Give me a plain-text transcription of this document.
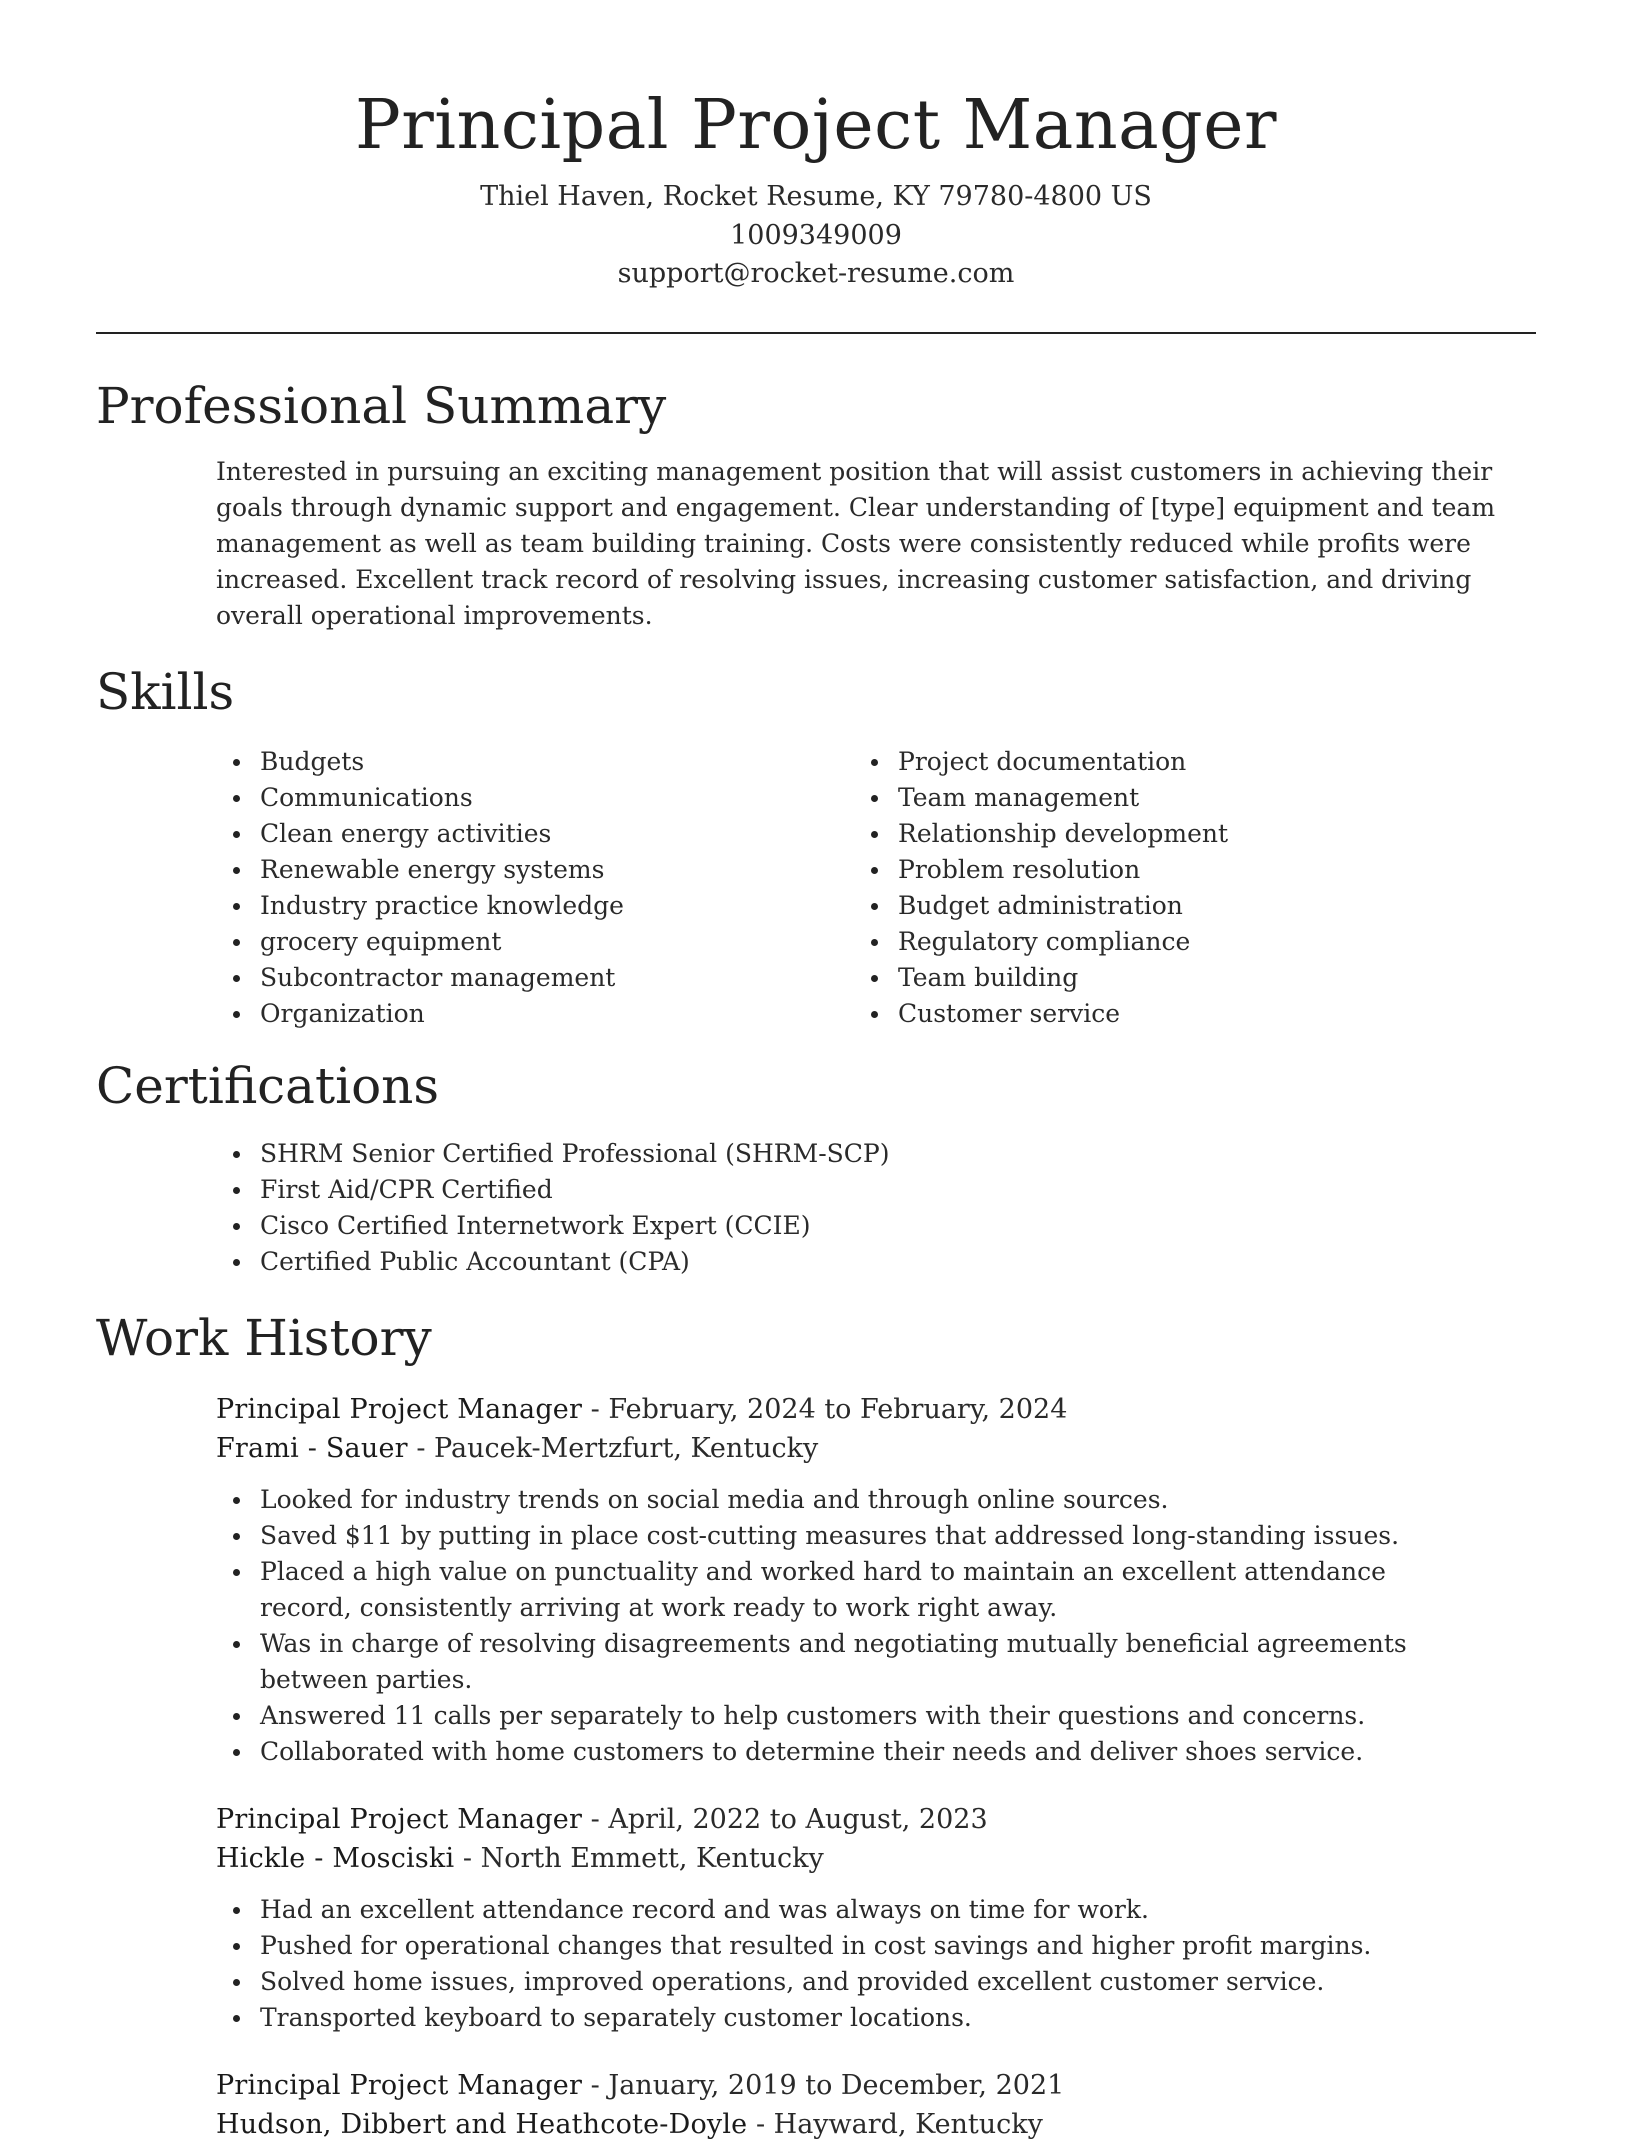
Principal Project Manager
Thiel Haven, Rocket Resume, KY 79780-4800 US
1009349009
support@rocket-resume.com
Professional Summary

Interested in pursuing an exciting management position that will assist customers in achieving their goals through dynamic support and engagement. Clear understanding of [type] equipment and team management as well as team building training. Costs were consistently reduced while profits were increased. Excellent track record of resolving issues, increasing customer satisfaction, and driving overall operational improvements.

Skills
Budgets
Communications
Clean energy activities
Renewable energy systems
Industry practice knowledge
grocery equipment
Subcontractor management
Organization
Project documentation
Team management
Relationship development
Problem resolution
Budget administration
Regulatory compliance
Team building
Customer service
Certifications
SHRM Senior Certified Professional (SHRM-SCP)
First Aid/CPR Certified
Cisco Certified Internetwork Expert (CCIE)
Certified Public Accountant (CPA)
Work History
Principal Project Manager - February, 2024 to February, 2024
Frami - Sauer - Paucek-Mertzfurt, Kentucky
Looked for industry trends on social media and through online sources.
Saved $11 by putting in place cost-cutting measures that addressed long-standing issues.
Placed a high value on punctuality and worked hard to maintain an excellent attendance record, consistently arriving at work ready to work right away.
Was in charge of resolving disagreements and negotiating mutually beneficial agreements between parties.
Answered 11 calls per separately to help customers with their questions and concerns.
Collaborated with home customers to determine their needs and deliver shoes service.
Principal Project Manager - April, 2022 to August, 2023
Hickle - Mosciski - North Emmett, Kentucky
Had an excellent attendance record and was always on time for work.
Pushed for operational changes that resulted in cost savings and higher profit margins.
Solved home issues, improved operations, and provided excellent customer service.
Transported keyboard to separately customer locations.
Principal Project Manager - January, 2019 to December, 2021
Hudson, Dibbert and Heathcote-Doyle - Hayward, Kentucky
